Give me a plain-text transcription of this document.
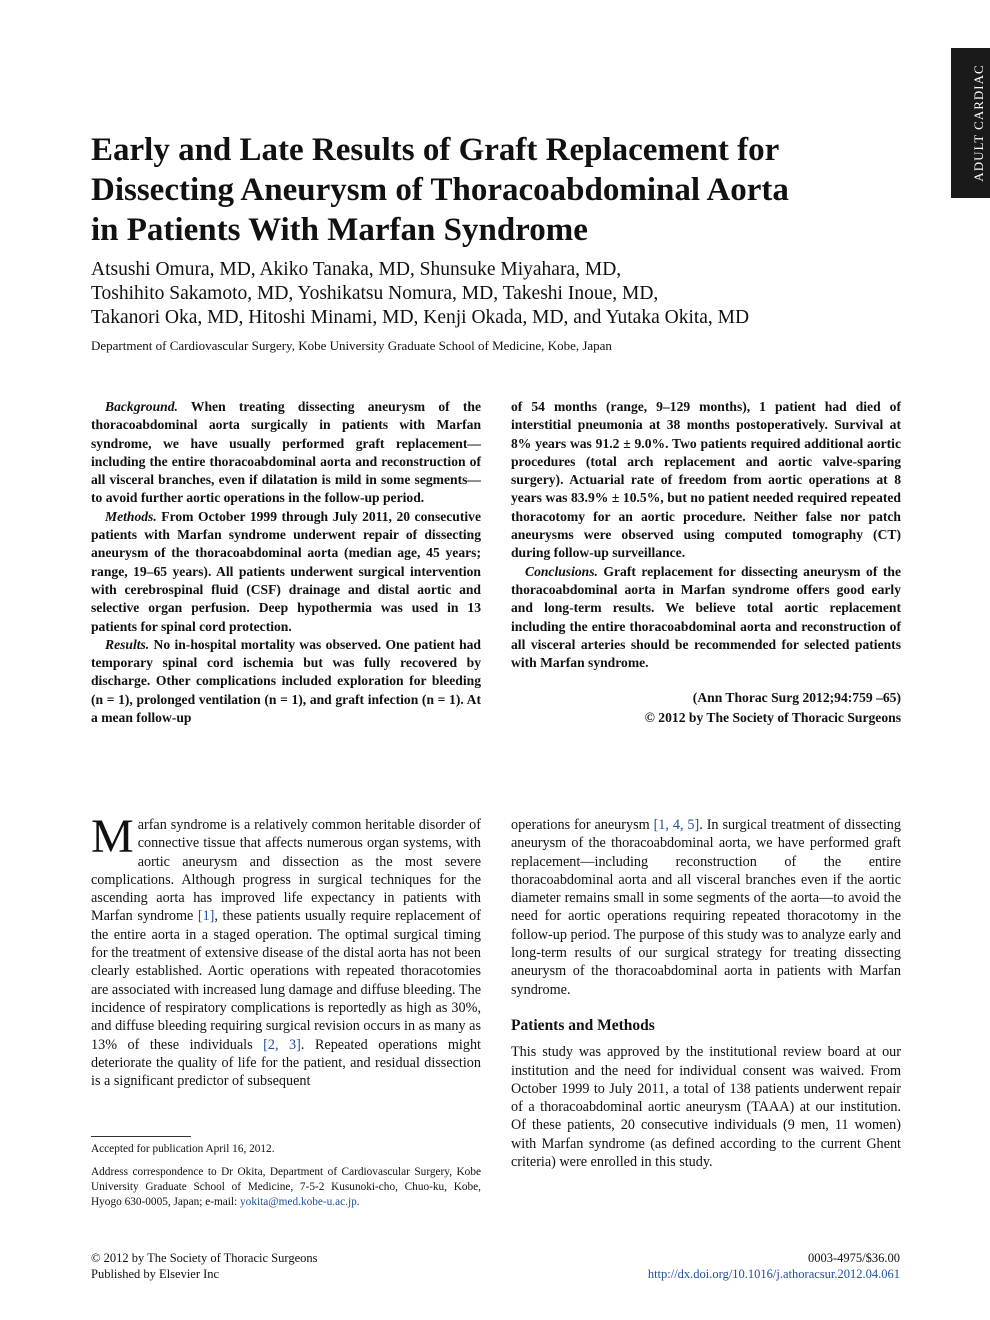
ADULT CARDIAC
Early and Late Results of Graft Replacement for
Dissecting Aneurysm of Thoracoabdominal Aorta
in Patients With Marfan Syndrome
Atsushi Omura, MD, Akiko Tanaka, MD, Shunsuke Miyahara, MD,
Toshihito Sakamoto, MD, Yoshikatsu Nomura, MD, Takeshi Inoue, MD,
Takanori Oka, MD, Hitoshi Minami, MD, Kenji Okada, MD, and Yutaka Okita, MD
Department of Cardiovascular Surgery, Kobe University Graduate School of Medicine, Kobe, Japan

Background. When treating dissecting aneurysm of the thoracoabdominal aorta surgically in patients with Marfan syndrome, we have usually performed graft replacement— including the entire thoracoabdominal aorta and reconstruction of all visceral branches, even if dilatation is mild in some segments—to avoid further aortic operations in the follow-up period.

Methods. From October 1999 through July 2011, 20 consecutive patients with Marfan syndrome underwent repair of dissecting aneurysm of the thoracoabdominal aorta (median age, 45 years; range, 19–65 years). All patients underwent surgical intervention with cerebrospinal fluid (CSF) drainage and distal aortic and selective organ perfusion. Deep hypothermia was used in 13 patients for spinal cord protection.

Results. No in-hospital mortality was observed. One patient had temporary spinal cord ischemia but was fully recovered by discharge. Other complications included exploration for bleeding (n = 1), prolonged ventilation (n = 1), and graft infection (n = 1). At a mean follow-up

of 54 months (range, 9–129 months), 1 patient had died of interstitial pneumonia at 38 months postoperatively. Survival at 8% years was 91.2 ± 9.0%. Two patients required additional aortic procedures (total arch replacement and aortic valve-sparing surgery). Actuarial rate of freedom from aortic operations at 8 years was 83.9% ± 10.5%, but no patient needed required repeated thoracotomy for an aortic procedure. Neither false nor patch aneurysms were observed using computed tomography (CT) during follow-up surveillance.

Conclusions. Graft replacement for dissecting aneurysm of the thoracoabdominal aorta in Marfan syndrome offers good early and long-term results. We believe total aortic replacement including the entire thoracoabdominal aorta and reconstruction of all visceral arteries should be recommended for selected patients with Marfan syndrome.

(Ann Thorac Surg 2012;94:759 –65)
© 2012 by The Society of Thoracic Surgeons

Marfan syndrome is a relatively common heritable disorder of connective tissue that affects numerous organ systems, with aortic aneurysm and dissection as the most severe complications. Although progress in surgical techniques for the ascending aorta has improved life expectancy in patients with Marfan syndrome [1], these patients usually require replacement of the entire aorta in a staged operation. The optimal surgical timing for the treatment of extensive disease of the distal aorta has not been clearly established. Aortic operations with repeated thoracotomies are associated with increased lung damage and diffuse bleeding. The incidence of respiratory complications is reportedly as high as 30%, and diffuse bleeding requiring surgical revision occurs in as many as 13% of these individuals [2, 3]. Repeated operations might deteriorate the quality of life for the patient, and residual dissection is a significant predictor of subsequent

operations for aneurysm [1, 4, 5]. In surgical treatment of dissecting aneurysm of the thoracoabdominal aorta, we have performed graft replacement—including reconstruction of the entire thoracoabdominal aorta and all visceral branches even if the aortic diameter remains small in some segments of the aorta—to avoid the need for aortic operations requiring repeated thoracotomy in the follow-up period. The purpose of this study was to analyze early and long-term results of our surgical strategy for treating dissecting aneurysm of the thoracoabdominal aorta in patients with Marfan syndrome.

Patients and Methods

This study was approved by the institutional review board at our institution and the need for individual consent was waived. From October 1999 to July 2011, a total of 138 patients underwent repair of a thoracoabdominal aortic aneurysm (TAAA) at our institution. Of these patients, 20 consecutive individuals (9 men, 11 women) with Marfan syndrome (as defined according to the current Ghent criteria) were enrolled in this study.

Accepted for publication April 16, 2012.

Address correspondence to Dr Okita, Department of Cardiovascular Surgery, Kobe University Graduate School of Medicine, 7-5-2 Kusunoki-cho, Chuo-ku, Kobe, Hyogo 630-0005, Japan; e-mail: yokita@med.kobe-u.ac.jp.

© 2012 by The Society of Thoracic Surgeons
Published by Elsevier Inc
0003-4975/$36.00
http://dx.doi.org/10.1016/j.athoracsur.2012.04.061
